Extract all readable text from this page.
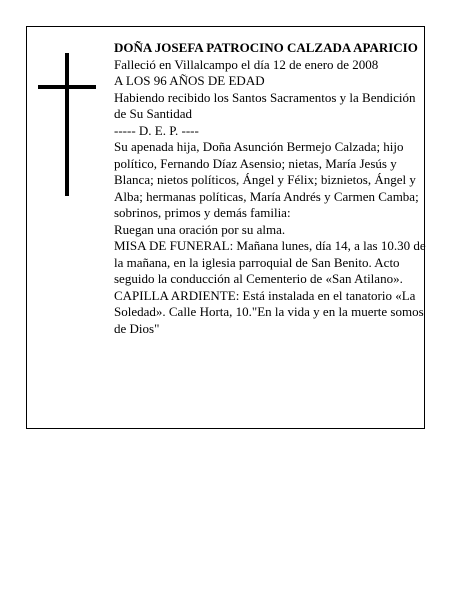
DOÑA JOSEFA PATROCINO CALZADA APARICIO

Falleció en Villalcampo el día 12 de enero de 2008

A LOS 96 AÑOS DE EDAD

Habiendo recibido los Santos Sacramentos y la Bendición de Su Santidad

----- D. E. P. ----

Su apenada hija, Doña Asunción Bermejo Calzada; hijo político, Fernando Díaz Asensio; nietas, María Jesús y Blanca; nietos políticos, Ángel y Félix; biznietos, Ángel y Alba; hermanas políticas, María Andrés y Carmen Camba; sobrinos, primos y demás familia:

Ruegan una oración por su alma.

MISA DE FUNERAL: Mañana lunes, día 14, a las 10.30 de la mañana, en la iglesia parroquial de San Benito. Acto seguido la conducción al Cementerio de «San Atilano».

CAPILLA ARDIENTE: Está instalada en el tanatorio «La Soledad». Calle Horta, 10."En la vida y en la muerte somos de Dios"
